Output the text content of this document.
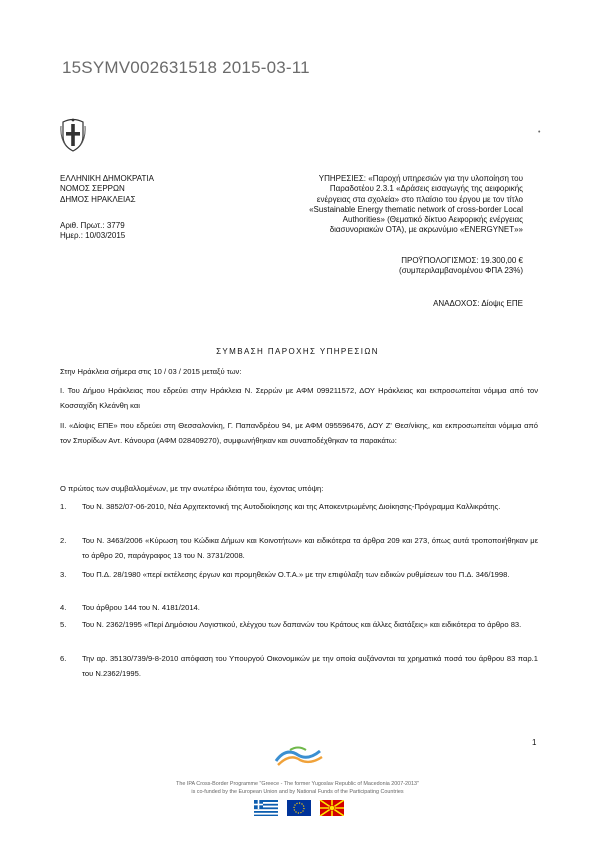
15SYMV002631518 2015-03-11
•
ΕΛΛΗΝΙΚΗ ΔΗΜΟΚΡΑΤΙΑ
ΝΟΜΟΣ ΣΕΡΡΩΝ
ΔΗΜΟΣ ΗΡΑΚΛΕΙΑΣ
Αριθ. Πρωτ.: 3779
Ημερ.: 10/03/2015
ΥΠΗΡΕΣΙΕΣ: «Παροχή υπηρεσιών για την υλοποίηση του
Παραδοτέου 2.3.1 «Δράσεις εισαγωγής της αειφορικής
ενέργειας στα σχολεία» στο πλαίσιο του έργου με τον τίτλο
«Sustainable Energy thematic network of cross-border Local
Authorities» (Θεματικό δίκτυο Αειφορικής ενέργειας
διασυνοριακών ΟΤΑ), με ακρωνύμιο «ENERGYNET»»
ΠΡΟΫΠΟΛΟΓΙΣΜΟΣ: 19.300,00 €
(συμπεριλαμβανομένου ΦΠΑ 23%)
ΑΝΑΔΟΧΟΣ: Δίοψις ΕΠΕ
ΣΥΜΒΑΣΗ ΠΑΡΟΧΗΣ ΥΠΗΡΕΣΙΩΝ
Στην Ηράκλεια σήμερα στις 10 / 03 / 2015 μεταξύ των:
I. Του Δήμου Ηράκλειας που εδρεύει στην Ηράκλεια Ν. Σερρών με ΑΦΜ 099211572, ΔΟΥ Ηράκλειας και εκπροσωπείται νόμιμα από τον Κοσσαχίδη Κλεάνθη και
II. «Δίοψις ΕΠΕ» που εδρεύει στη Θεσσαλονίκη, Γ. Παπανδρέου 94, με ΑΦΜ 095596476, ΔΟΥ Ζ' Θεσ/νίκης, και εκπροσωπείται νόμιμα από τον Σπυρίδων Αντ. Κάνουρα (ΑΦΜ 028409270), συμφωνήθηκαν και συναποδέχθηκαν τα παρακάτω:
Ο πρώτος των συμβαλλομένων, με την ανωτέρω ιδιότητα του, έχοντας υπόψη:
1. Του Ν. 3852/07-06-2010, Νέα Αρχιτεκτονική της Αυτοδιοίκησης και της Αποκεντρωμένης Διοίκησης-Πρόγραμμα Καλλικράτης.
2. Του Ν. 3463/2006 «Κύρωση του Κώδικα Δήμων και Κοινοτήτων» και ειδικότερα τα άρθρα 209 και 273, όπως αυτά τροποποιήθηκαν με το άρθρο 20, παράγραφος 13 του Ν. 3731/2008.
3. Του Π.Δ. 28/1980 «περί εκτέλεσης έργων και προμηθειών Ο.Τ.Α.» με την επιφύλαξη των ειδικών ρυθμίσεων του Π.Δ. 346/1998.
4. Του άρθρου 144 του Ν. 4181/2014.
5. Του Ν. 2362/1995 «Περί Δημόσιου Λογιστικού, ελέγχου των δαπανών του Κράτους και άλλες διατάξεις» και ειδικότερα το άρθρο 83.
6. Την αρ. 35130/739/9-8-2010 απόφαση του Υπουργού Οικονομικών με την οποία αυξάνονται τα χρηματικά ποσά του άρθρου 83 παρ.1 του Ν.2362/1995.
1
The IPA Cross-Border Programme "Greece - The former Yugoslav Republic of Macedonia 2007-2013"
is co-funded by the European Union and by National Funds of the Participating Countries
